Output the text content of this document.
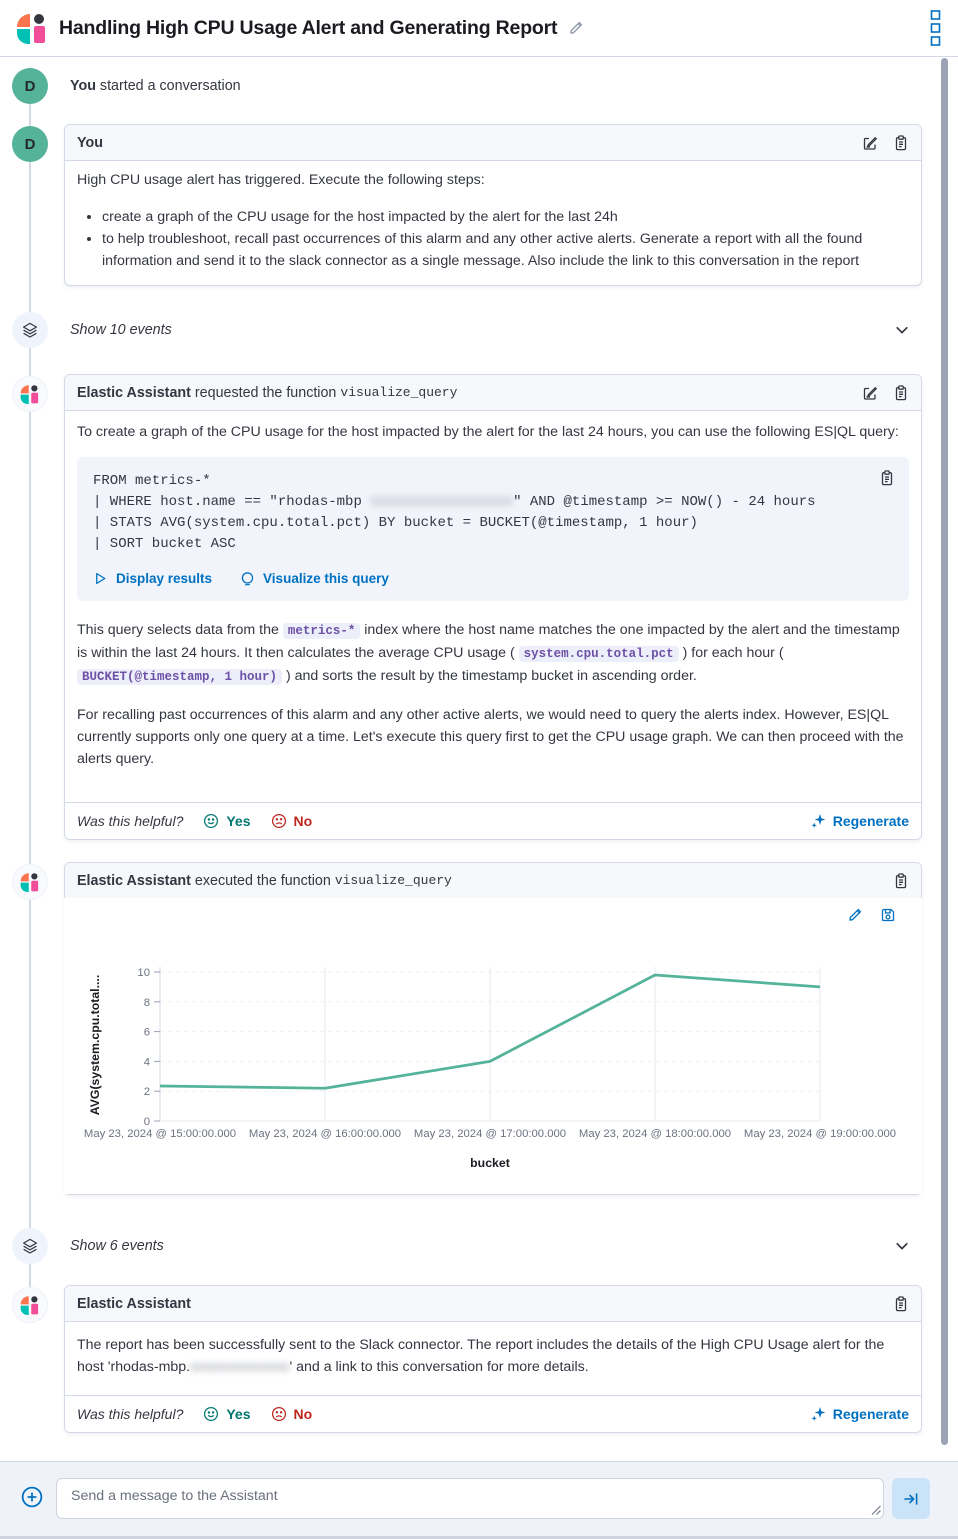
Handling High CPU Usage Alert and Generating Report
D You started a conversation
D	You
High CPU usage alert has triggered. Execute the following steps:
• create a graph of the CPU usage for the host impacted by the alert for the last 24h
• to help troubleshoot, recall past occurrences of this alarm and any other active alerts. Generate a report with all the found information and send it to the slack connector as a single message. Also include the link to this conversation in the report
Show 10 events
Elastic Assistant requested the function visualize_query
To create a graph of the CPU usage for the host impacted by the alert for the last 24 hours, you can use the following ES|QL query:
FROM metrics-*
| WHERE host.name == "rhodas-mbp xxxxxxxxxxxxxxxxx" AND @timestamp >= NOW() - 24 hours
| STATS AVG(system.cpu.total.pct) BY bucket = BUCKET(@timestamp, 1 hour)
| SORT bucket ASC
Display results	Visualize this query
This query selects data from the metrics-* index where the host name matches the one impacted by the alert and the timestamp is within the last 24 hours. It then calculates the average CPU usage ( system.cpu.total.pct ) for each hour ( BUCKET(@timestamp, 1 hour) ) and sorts the result by the timestamp bucket in ascending order.
For recalling past occurrences of this alarm and any other active alerts, we would need to query the alerts index. However, ES|QL currently supports only one query at a time. Let's execute this query first to get the CPU usage graph. We can then proceed with the alerts query.
Was this helpful?	Yes	No	Regenerate
Elastic Assistant executed the function visualize_query
AVG(system.cpu.total....
0
2
4
6
8
10
May 23, 2024 @ 15:00:00.000 May 23, 2024 @ 16:00:00.000 May 23, 2024 @ 17:00:00.000 May 23, 2024 @ 18:00:00.000 May 23, 2024 @ 19:00:00.000
bucket
Show 6 events
Elastic Assistant
The report has been successfully sent to the Slack connector. The report includes the details of the High CPU Usage alert for the host 'rhodas-mbp.xxxxxxxxxxxxxx' and a link to this conversation for more details.
Was this helpful?	Yes	No	Regenerate
Send a message to the Assistant
